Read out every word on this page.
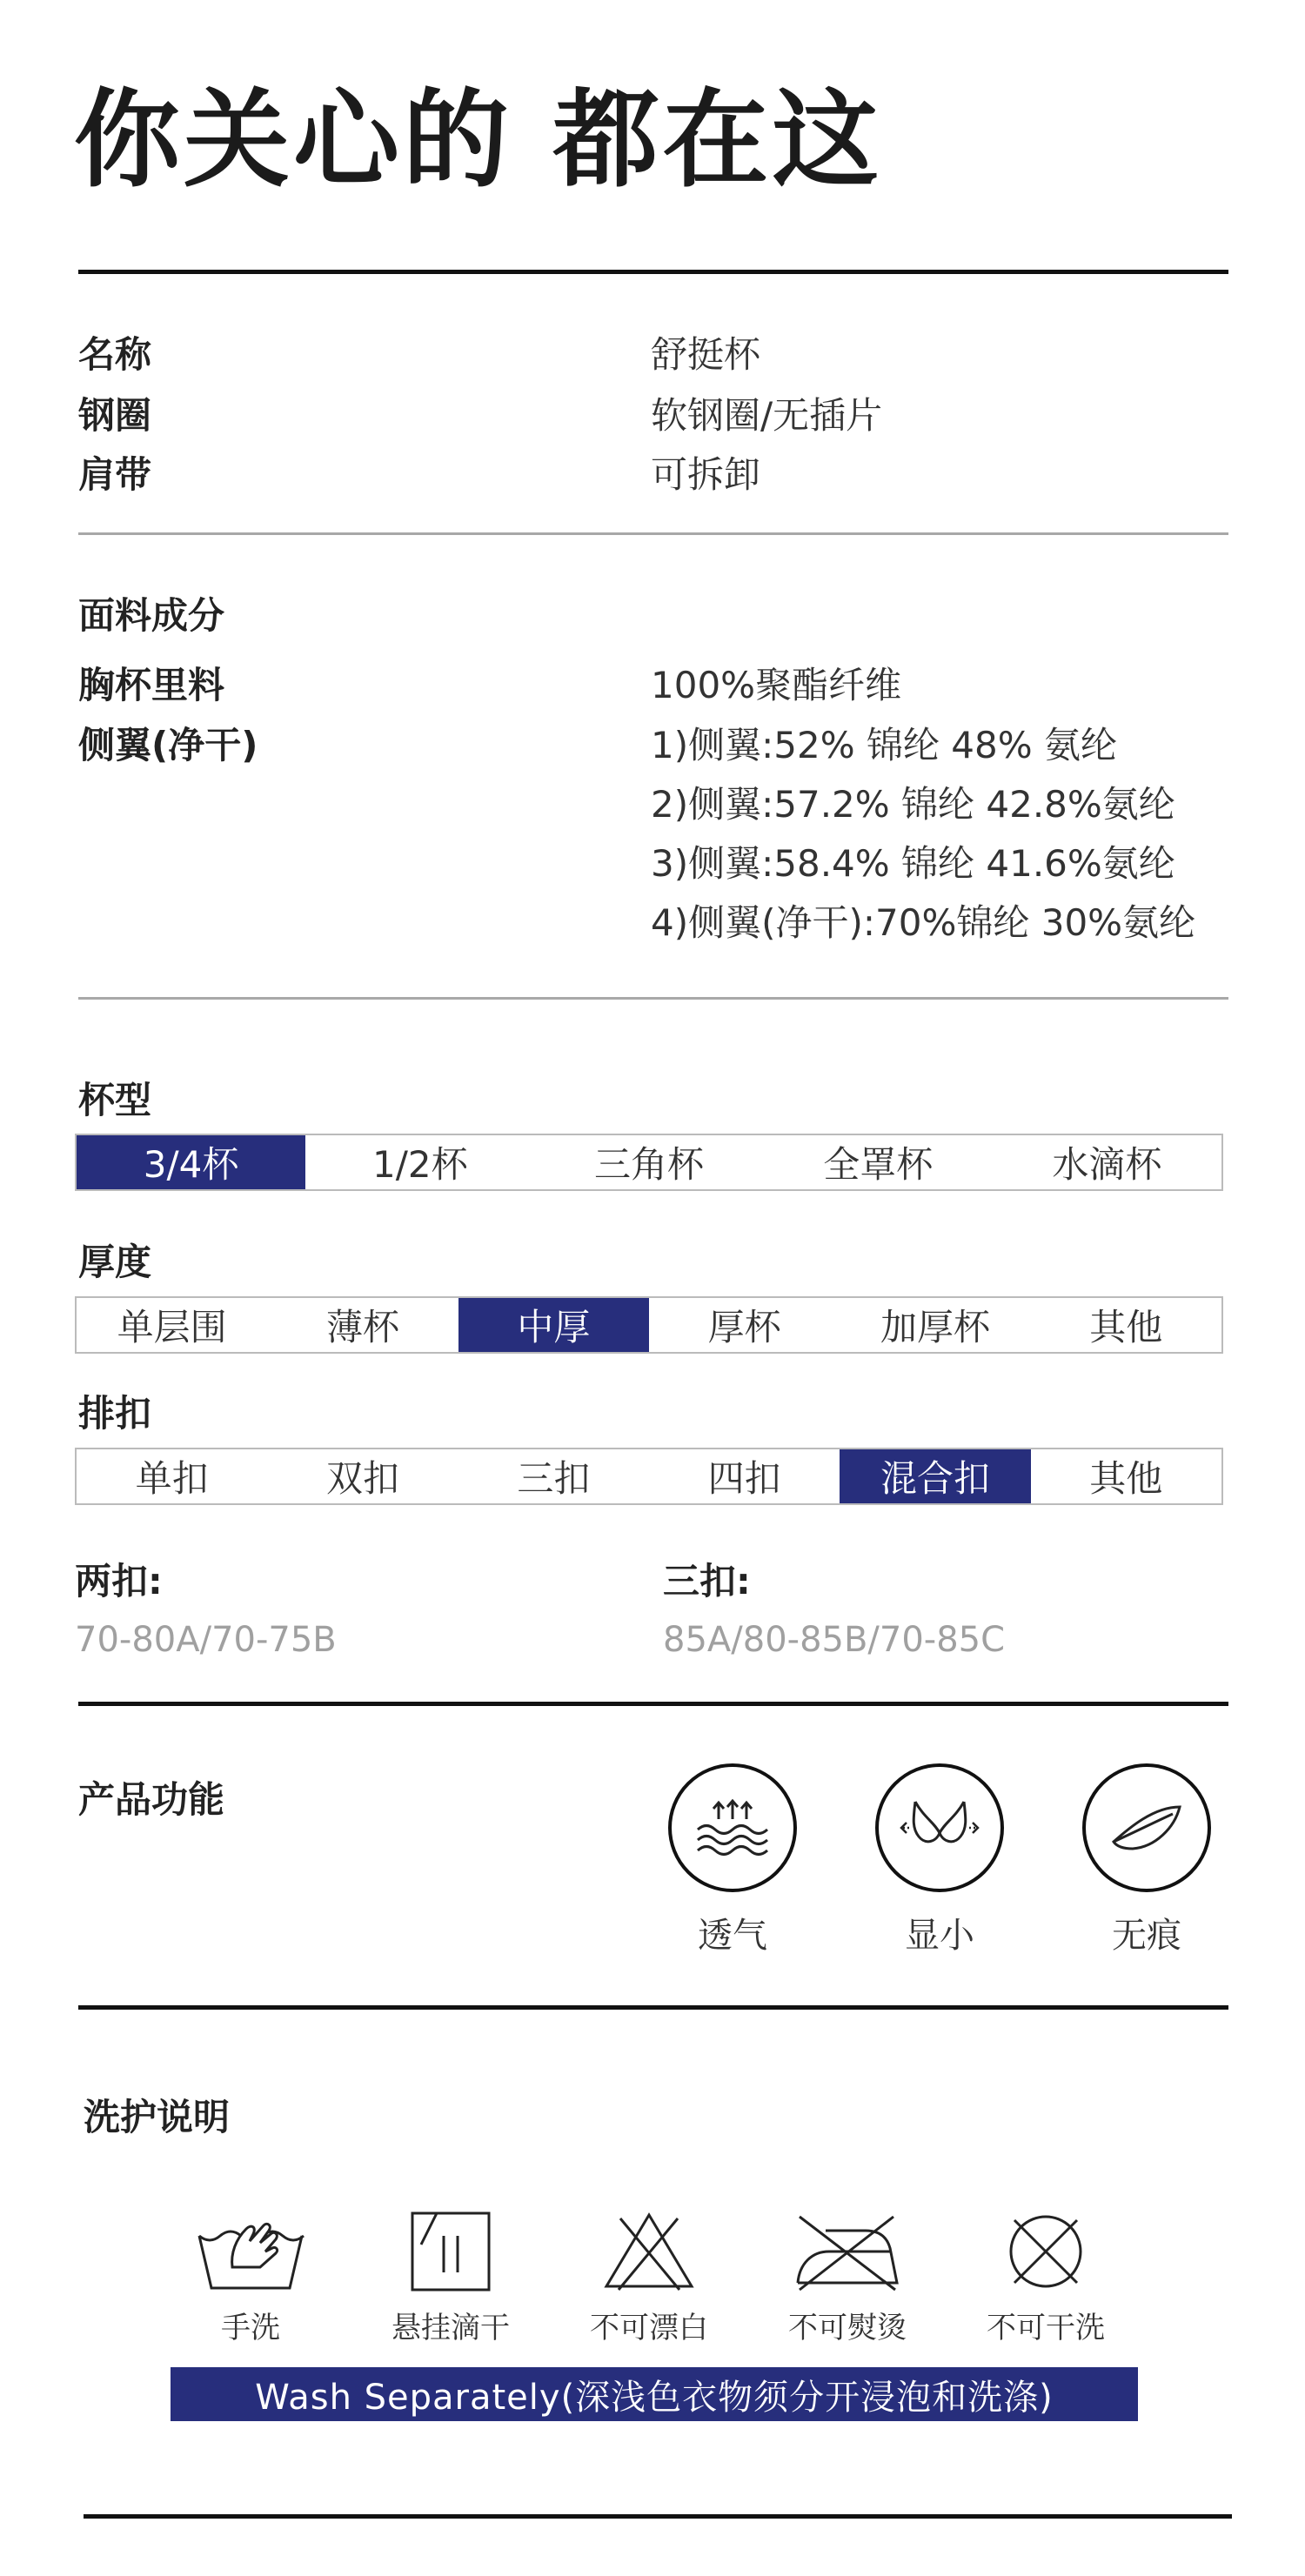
你关心的 都在这
名称	舒挺杯
钢圈	软钢圈/无插片
肩带	可拆卸
面料成分
胸杯里料	100%聚酯纤维
侧翼(净干)	1)侧翼:52% 锦纶 48% 氨纶
2)侧翼:57.2% 锦纶 42.8%氨纶
3)侧翼:58.4% 锦纶 41.6%氨纶
4)侧翼(净干):70%锦纶 30%氨纶
杯型
3/4杯	1/2杯	三角杯	全罩杯	水滴杯
厚度
单层围	薄杯	中厚	厚杯	加厚杯	其他
排扣
单扣	双扣	三扣	四扣	混合扣	其他
两扣:
70-80A/70-75B
三扣:
85A/80-85B/70-85C
产品功能
透气	显小	无痕
洗护说明
手洗	悬挂滴干	不可漂白	不可熨烫	不可干洗
Wash Separately(深浅色衣物须分开浸泡和洗涤)
